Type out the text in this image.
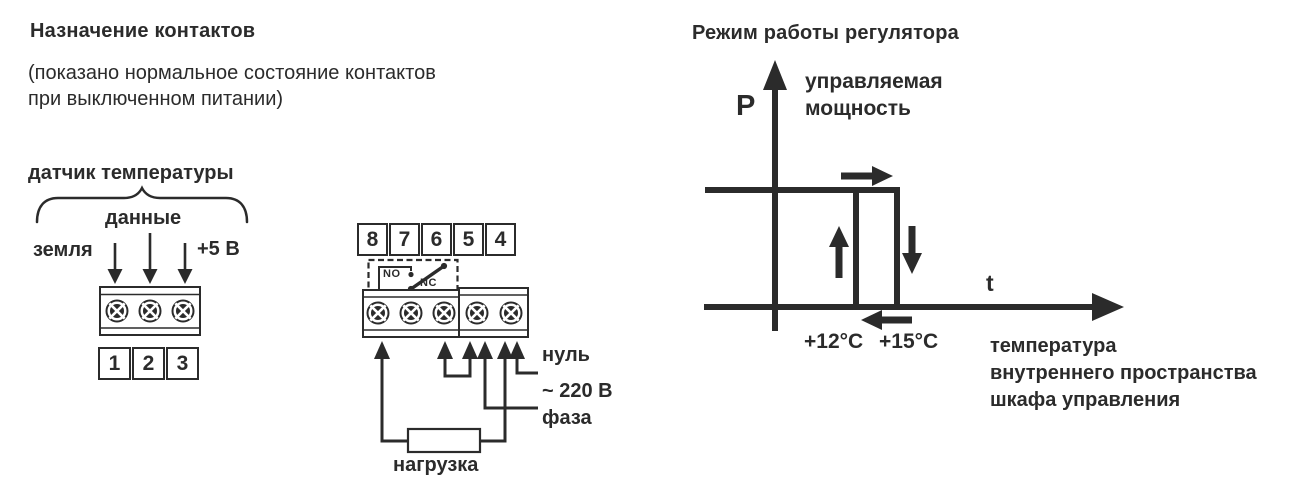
Назначение контактов
(показано нормальное состояние контактов
при выключенном питании)
датчик температуры
данные
земля	+5 В
1	2	3
8 7 6 5 4
NO
NC
нуль
~ 220 В
фаза
нагрузка
Режим работы регулятора
P
управляемая
мощность
t
+12°C +15°C	температура
внутреннего пространства
шкафа управления
